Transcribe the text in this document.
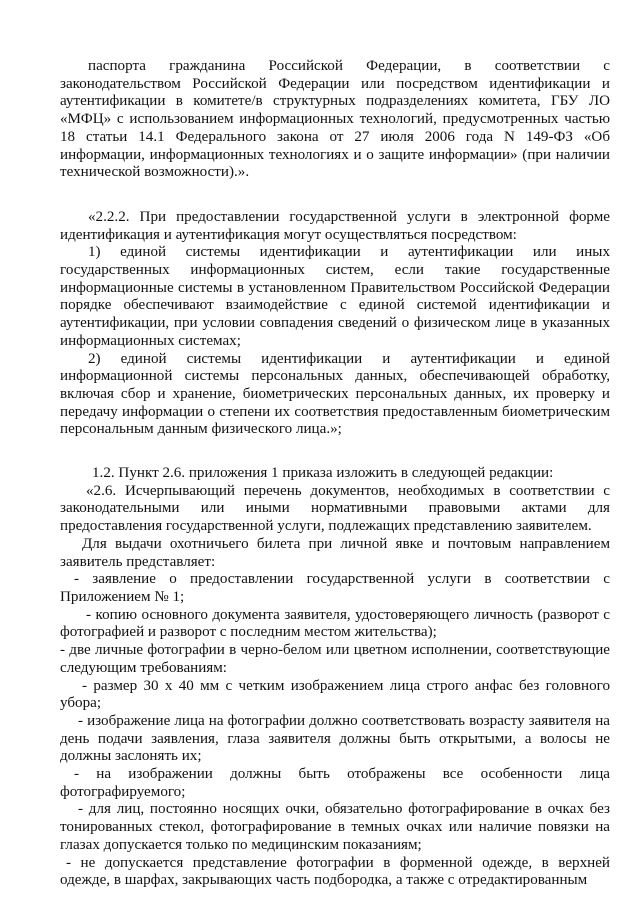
паспорта гражданина Российской Федерации, в соответствии с законодательством Российской Федерации или посредством идентификации и аутентификации в комитете/в структурных подразделениях комитета, ГБУ ЛО «МФЦ» с использованием информационных технологий, предусмотренных частью 18 статьи 14.1 Федерального закона от 27 июля 2006 года N 149-ФЗ «Об информации, информационных технологиях и о защите информации» (при наличии технической возможности).».

«2.2.2. При предоставлении государственной услуги в электронной форме идентификация и аутентификация могут осуществляться посредством:

1) единой системы идентификации и аутентификации или иных государственных информационных систем, если такие государственные информационные системы в установленном Правительством Российской Федерации порядке обеспечивают взаимодействие с единой системой идентификации и аутентификации, при условии совпадения сведений о физическом лице в указанных информационных системах;

2) единой системы идентификации и аутентификации и единой информационной системы персональных данных, обеспечивающей обработку, включая сбор и хранение, биометрических персональных данных, их проверку и передачу информации о степени их соответствия предоставленным биометрическим персональным данным физического лица.»;

1.2. Пункт 2.6. приложения 1 приказа изложить в следующей редакции:

«2.6. Исчерпывающий перечень документов, необходимых в соответствии с законодательными или иными нормативными правовыми актами для предоставления государственной услуги, подлежащих представлению заявителем.

Для выдачи охотничьего билета при личной явке и почтовым направлением заявитель представляет:

- заявление о предоставлении государственной услуги в соответствии с Приложением № 1;

- копию основного документа заявителя, удостоверяющего личность (разворот с фотографией и разворот с последним местом жительства);

- две личные фотографии в черно-белом или цветном исполнении, соответствующие следующим требованиям:

- размер 30 х 40 мм с четким изображением лица строго анфас без головного убора;

- изображение лица на фотографии должно соответствовать возрасту заявителя на день подачи заявления, глаза заявителя должны быть открытыми, а волосы не должны заслонять их;

- на изображении должны быть отображены все особенности лица фотографируемого;

- для лиц, постоянно носящих очки, обязательно фотографирование в очках без тонированных стекол, фотографирование в темных очках или наличие повязки на глазах допускается только по медицинским показаниям;

- не допускается представление фотографии в форменной одежде, в верхней одежде, в шарфах, закрывающих часть подбородка, а также с отредактированным
